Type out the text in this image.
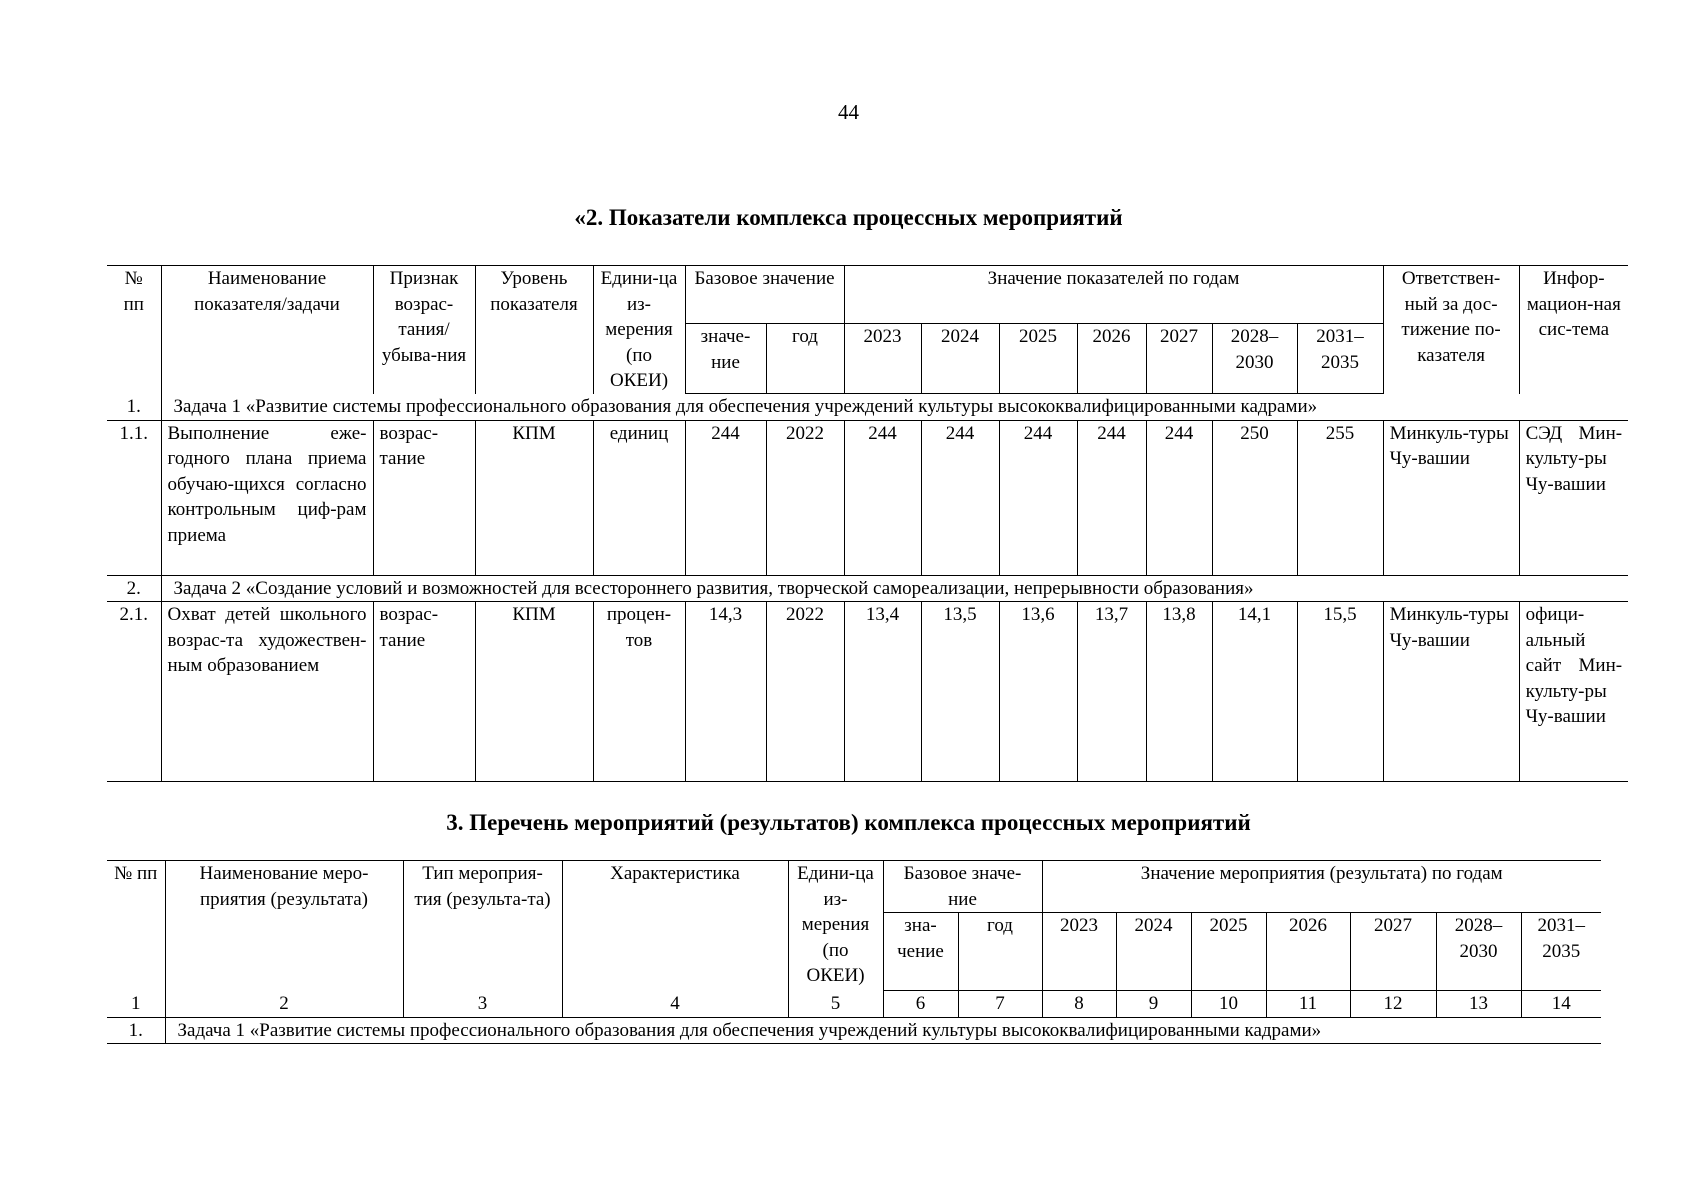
44
«2. Показатели комплекса процессных мероприятий
№ пп	Наименование показателя/задачи	Признак возрас-тания/ убыва-ния	Уровень показателя	Едини-ца из-мерения (по ОКЕИ)	Базовое значение		Значение показателей по годам							Ответствен-ный за дос-тижение по-казателя	Инфор-мацион-ная сис-тема
					значе-ние	год	2023	2024	2025	2026	2027	2028–2030	2031–2035		
1.	Задача 1 «Развитие системы профессионального образования для обеспечения учреждений культуры высококвалифицированными кадрами»														
1.1.	Выполнение еже-годного плана приема обучаю-щихся согласно контрольным циф-рам приема	возрас-тание	КПМ	единиц	244	2022	244	244	244	244	244	250	255	Минкуль-туры Чу-вашии	СЭД Мин-культу-ры Чу-вашии
2.	Задача 2 «Создание условий и возможностей для всестороннего развития, творческой самореализации, непрерывности образования»														
2.1.	Охват детей школьного возрас-та художествен-ным образованием	возрас-тание	КПМ	процен-тов	14,3	2022	13,4	13,5	13,6	13,7	13,8	14,1	15,5	Минкуль-туры Чу-вашии	офици-альный сайт Мин-культу-ры Чу-вашии
3. Перечень мероприятий (результатов) комплекса процессных мероприятий
№ пп	Наименование меро-приятия (результата)	Тип мероприя-тия (результа-та)	Характеристика	Едини-ца из-мерения (по ОКЕИ)	Базовое значе-ние		Значение мероприятия (результата) по годам						
					зна-чение	год	2023	2024	2025	2026	2027	2028–2030	2031–2035
1	2	3	4	5	6	7	8	9	10	11	12	13	14
1.	Задача 1 «Развитие системы профессионального образования для обеспечения учреждений культуры высококвалифицированными кадрами»												
